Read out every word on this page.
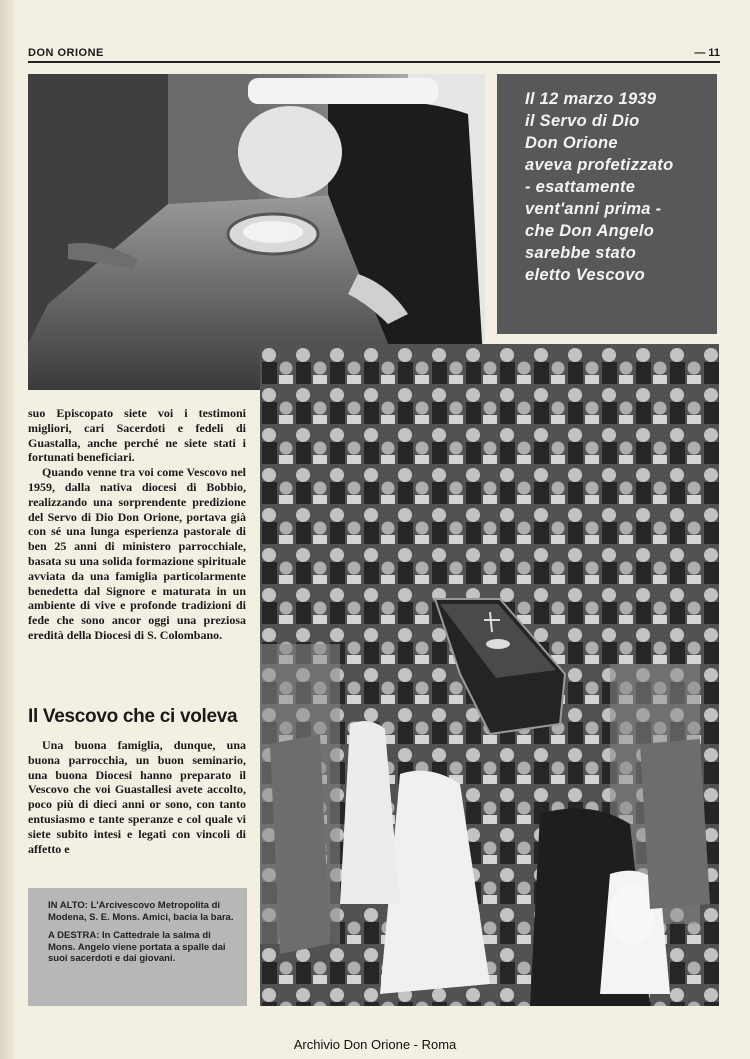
DON ORIONE	— 11
Il 12 marzo 1939
il Servo di Dio
Don Orione
aveva profetizzato
- esattamente
vent'anni prima -
che Don Angelo
sarebbe stato
eletto Vescovo

suo Episcopato siete voi i testimoni migliori, cari Sacerdoti e fedeli di Guastalla, anche perché ne siete stati i fortunati beneficiari.

Quando venne tra voi come Vescovo nel 1959, dalla nativa diocesi di Bobbio, realizzando una sorprendente predizione del Servo di Dio Don Orione, portava già con sé una lunga esperienza pastorale di ben 25 anni di ministero parrocchiale, basata su una solida formazione spirituale avviata da una famiglia particolarmente benedetta dal Signore e maturata in un ambiente di vive e profonde tradizioni di fede che sono ancor oggi una preziosa eredità della Diocesi di S. Colombano.

Il Vescovo che ci voleva

Una buona famiglia, dunque, una buona parrocchia, un buon seminario, una buona Diocesi hanno preparato il Vescovo che voi Guastallesi avete accolto, poco più di dieci anni or sono, con tanto entusiasmo e tante speranze e col quale vi siete subito intesi e legati con vincoli di affetto e

IN ALTO: L'Arcivescovo Metropolita di Modena, S. E. Mons. Amici, bacia la bara.

A DESTRA: In Cattedrale la salma di Mons. Angelo viene portata a spalle dai suoi sacerdoti e dai giovani.

Archivio Don Orione - Roma
